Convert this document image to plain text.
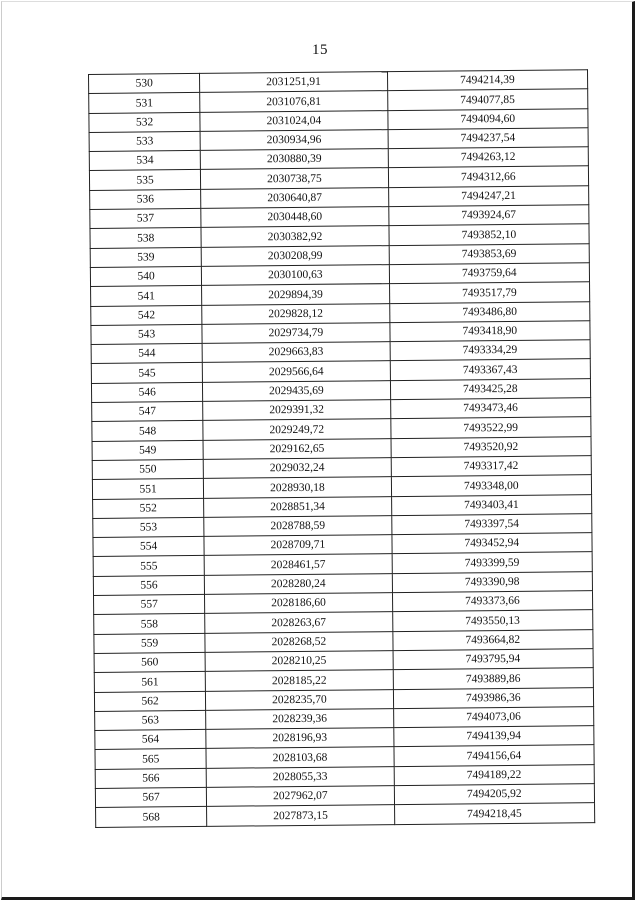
15
530	2031251,91	7494214,39
531	2031076,81	7494077,85
532	2031024,04	7494094,60
533	2030934,96	7494237,54
534	2030880,39	7494263,12
535	2030738,75	7494312,66
536	2030640,87	7494247,21
537	2030448,60	7493924,67
538	2030382,92	7493852,10
539	2030208,99	7493853,69
540	2030100,63	7493759,64
541	2029894,39	7493517,79
542	2029828,12	7493486,80
543	2029734,79	7493418,90
544	2029663,83	7493334,29
545	2029566,64	7493367,43
546	2029435,69	7493425,28
547	2029391,32	7493473,46
548	2029249,72	7493522,99
549	2029162,65	7493520,92
550	2029032,24	7493317,42
551	2028930,18	7493348,00
552	2028851,34	7493403,41
553	2028788,59	7493397,54
554	2028709,71	7493452,94
555	2028461,57	7493399,59
556	2028280,24	7493390,98
557	2028186,60	7493373,66
558	2028263,67	7493550,13
559	2028268,52	7493664,82
560	2028210,25	7493795,94
561	2028185,22	7493889,86
562	2028235,70	7493986,36
563	2028239,36	7494073,06
564	2028196,93	7494139,94
565	2028103,68	7494156,64
566	2028055,33	7494189,22
567	2027962,07	7494205,92
568	2027873,15	7494218,45
